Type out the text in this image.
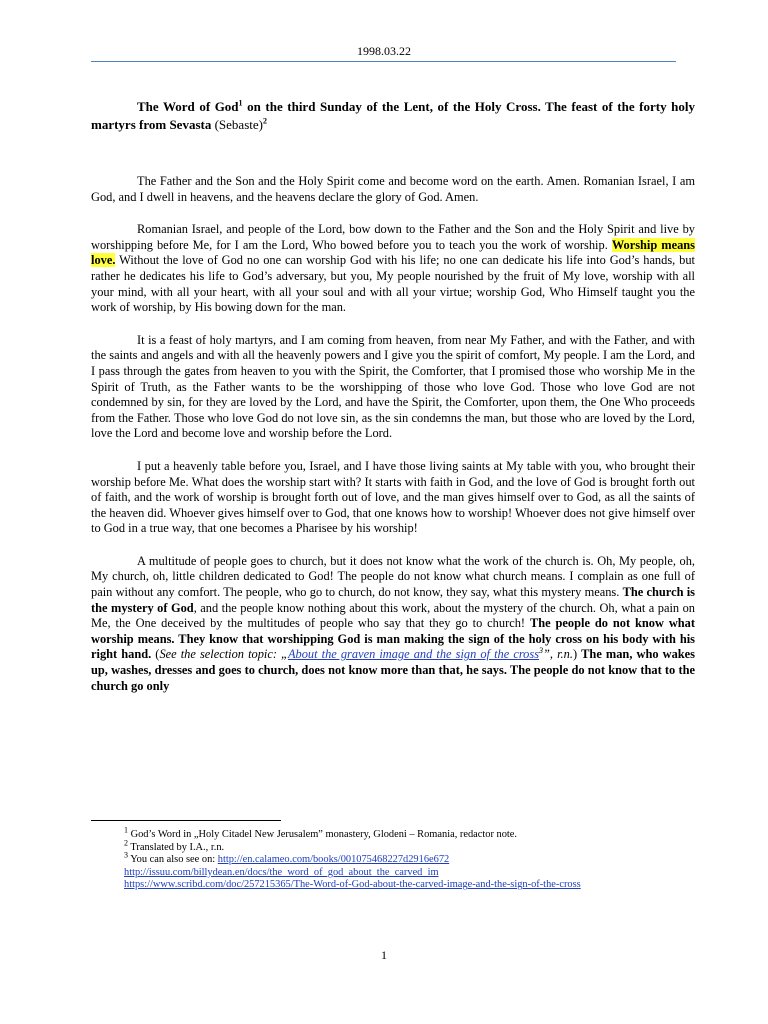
1998.03.22
The Word of God$^1$ on the third Sunday of the Lent, of the Holy Cross. The feast of the forty holy martyrs from Sevasta (Sebaste)$^2$

The Father and the Son and the Holy Spirit come and become word on the earth. Amen. Romanian Israel, I am God, and I dwell in heavens, and the heavens declare the glory of God. Amen.

Romanian Israel, and people of the Lord, bow down to the Father and the Son and the Holy Spirit and live by worshipping before Me, for I am the Lord, Who bowed before you to teach you the work of worship. Worship means love. Without the love of God no one can worship God with his life; no one can dedicate his life into God’s hands, but rather he dedicates his life to God’s adversary, but you, My people nourished by the fruit of My love, worship with all your mind, with all your heart, with all your soul and with all your virtue; worship God, Who Himself taught you the work of worship, by His bowing down for the man.

It is a feast of holy martyrs, and I am coming from heaven, from near My Father, and with the Father, and with the saints and angels and with all the heavenly powers and I give you the spirit of comfort, My people. I am the Lord, and I pass through the gates from heaven to you with the Spirit, the Comforter, that I promised those who worship Me in the Spirit of Truth, as the Father wants to be the worshipping of those who love God. Those who love God are not condemned by sin, for they are loved by the Lord, and have the Spirit, the Comforter, upon them, the One Who proceeds from the Father. Those who love God do not love sin, as the sin condemns the man, but those who are loved by the Lord, love the Lord and become love and worship before the Lord.

I put a heavenly table before you, Israel, and I have those living saints at My table with you, who brought their worship before Me. What does the worship start with? It starts with faith in God, and the love of God is brought forth out of faith, and the work of worship is brought forth out of love, and the man gives himself over to God, as all the saints of the heaven did. Whoever gives himself over to God, that one knows how to worship! Whoever does not give himself over to God in a true way, that one becomes a Pharisee by his worship!

A multitude of people goes to church, but it does not know what the work of the church is. Oh, My people, oh, My church, oh, little children dedicated to God! The people do not know what church means. I complain as one full of pain without any comfort. The people, who go to church, do not know, they say, what this mystery means. The church is the mystery of God, and the people know nothing about this work, about the mystery of the church. Oh, what a pain on Me, the One deceived by the multitudes of people who say that they go to church! The people do not know what worship means. They know that worshipping God is man making the sign of the holy cross on his body with his right hand. (See the selection topic: „About the graven image and the sign of the cross$^3$”, r.n.) The man, who wakes up, washes, dresses and goes to church, does not know more than that, he says. The people do not know that to the church go only

$^1$ God’s Word in „Holy Citadel New Jerusalem” monastery, Glodeni – Romania, redactor note.
$^2$ Translated by I.A., r.n.
$^3$ You can also see on: http://en.calameo.com/books/001075468227d2916e672
http://issuu.com/billydean.en/docs/the_word_of_god_about_the_carved_im
https://www.scribd.com/doc/257215365/The-Word-of-God-about-the-carved-image-and-the-sign-of-the-cross
1
